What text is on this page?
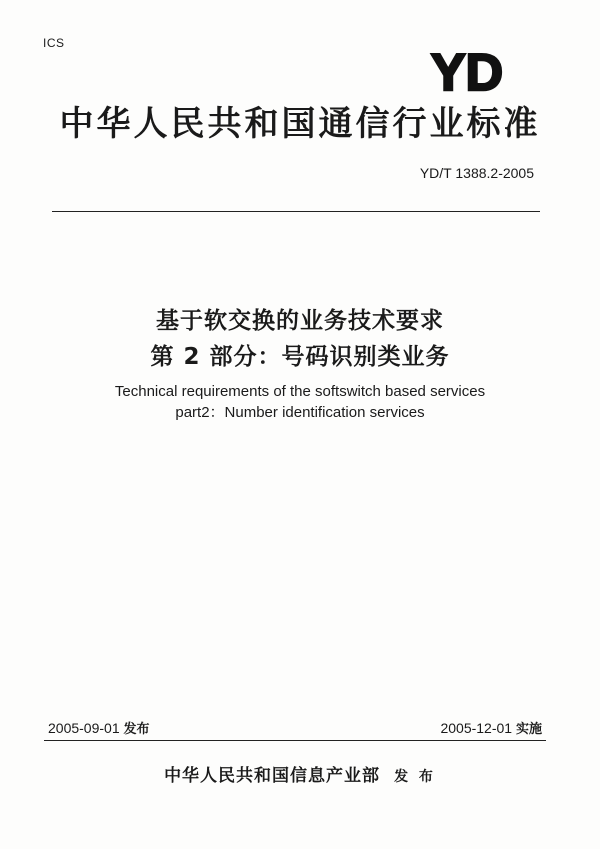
ICS
YD
中华人民共和国通信行业标准
YD/T 1388.2-2005
基于软交换的业务技术要求
第 2 部分：号码识别类业务
Technical requirements of the softswitch based services
part2：Number identification services
2005-09-01 发布	2005-12-01 实施
中华人民共和国信息产业部 发 布
